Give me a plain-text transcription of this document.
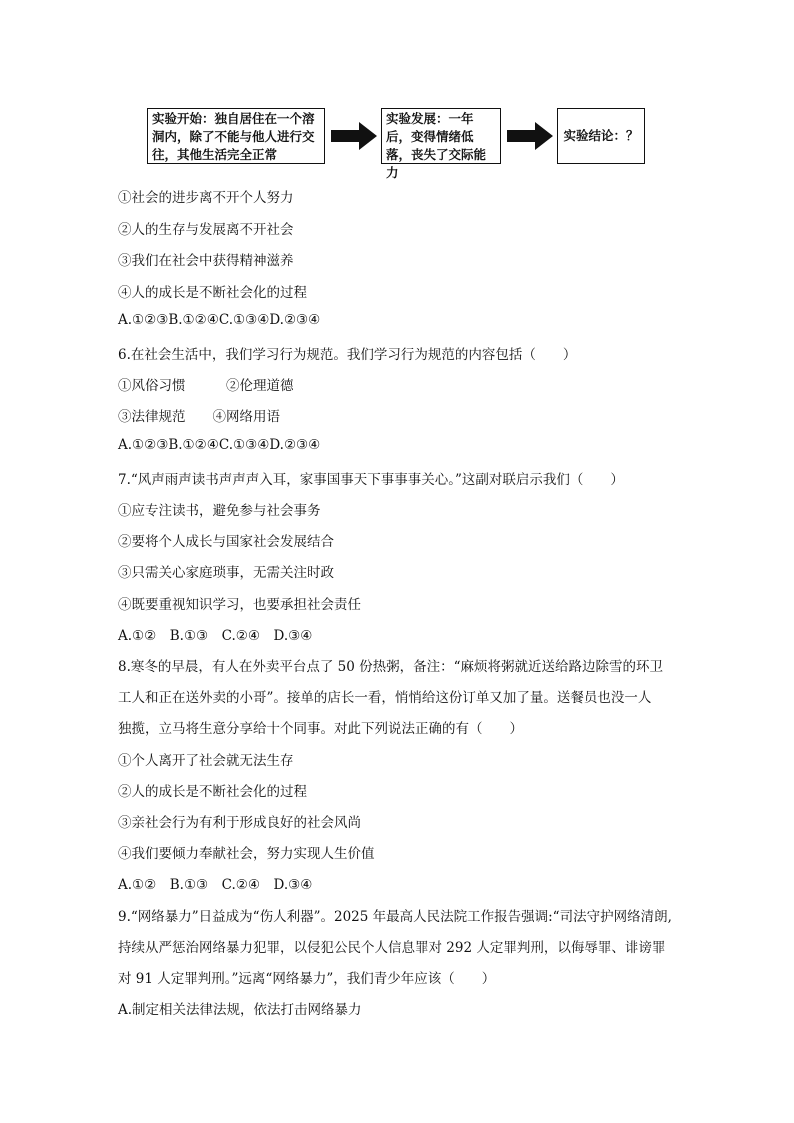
实验开始：独自居住在一个溶洞内，除了不能与他人进行交往，其他生活完全正常
实验发展：一年后，变得情绪低落，丧失了交际能力
实验结论：？
①社会的进步离不开个人努力
②人的生存与发展离不开社会
③我们在社会中获得精神滋养
④人的成长是不断社会化的过程
A.①②③B.①②④C.①③④D.②③④
6.在社会生活中，我们学习行为规范。我们学习行为规范的内容包括（　　）
①风俗习惯　　　②伦理道德
③法律规范　　④网络用语
A.①②③B.①②④C.①③④D.②③④
7.“风声雨声读书声声声入耳，家事国事天下事事事关心。”这副对联启示我们（　　）
①应专注读书，避免参与社会事务
②要将个人成长与国家社会发展结合
③只需关心家庭琐事，无需关注时政
④既要重视知识学习，也要承担社会责任
A.①②　B.①③　C.②④　D.③④
8.寒冬的早晨，有人在外卖平台点了 50 份热粥，备注：“麻烦将粥就近送给路边除雪的环卫
工人和正在送外卖的小哥”。接单的店长一看，悄悄给这份订单又加了量。送餐员也没一人
独揽，立马将生意分享给十个同事。对此下列说法正确的有（　　）
①个人离开了社会就无法生存
②人的成长是不断社会化的过程
③亲社会行为有利于形成良好的社会风尚
④我们要倾力奉献社会，努力实现人生价值
A.①②　B.①③　C.②④　D.③④
9.“网络暴力”日益成为“伤人利器”。2025 年最高人民法院工作报告强调:“司法守护网络清朗,
持续从严惩治网络暴力犯罪，以侵犯公民个人信息罪对 292 人定罪判刑，以侮辱罪、诽谤罪
对 91 人定罪判刑。”远离“网络暴力”，我们青少年应该（　　）
A.制定相关法律法规，依法打击网络暴力
